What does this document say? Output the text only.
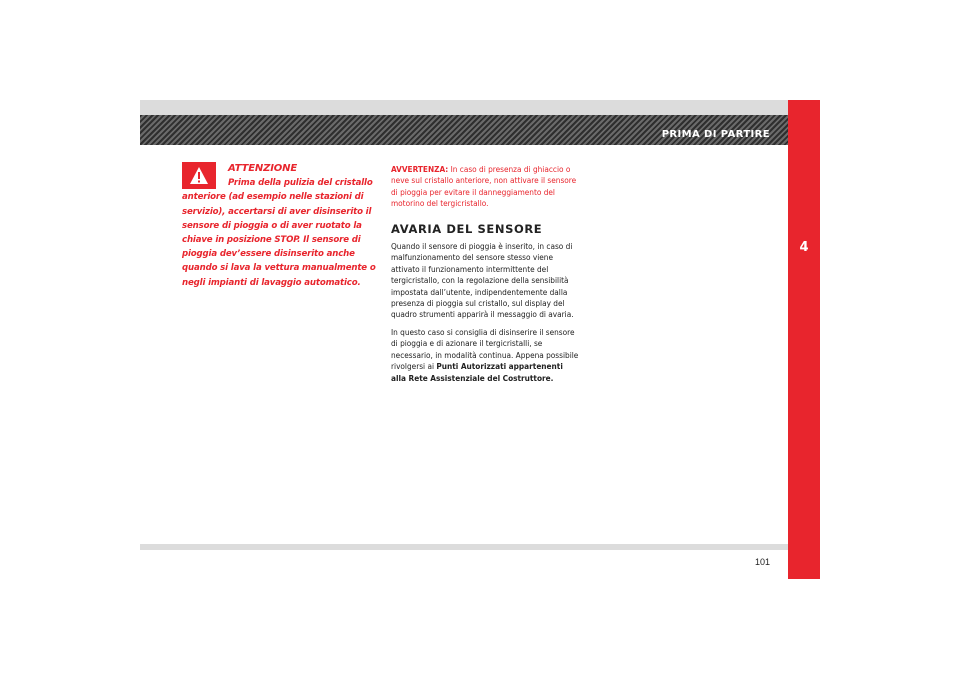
PRIMA DI PARTIRE
4
ATTENZIONE
Prima della pulizia del cristallo anteriore (ad esempio nelle stazioni di servizio), accertarsi di aver disinserito il sensore di pioggia o di aver ruotato la chiave in posizione STOP. Il sensore di pioggia dev’essere disinserito anche quando si lava la vettura manualmente o negli impianti di lavaggio automatico.

AVVERTENZA: In caso di presenza di ghiaccio o neve sul cristallo anteriore, non attivare il sensore di pioggia per evitare il danneggiamento del motorino del tergicristallo.

AVARIA DEL SENSORE

Quando il sensore di pioggia è inserito, in caso di malfunzionamento del sensore stesso viene attivato il funzionamento intermittente del tergicristallo, con la regolazione della sensibilità impostata dall’utente, indipendentemente dalla presenza di pioggia sul cristallo, sul display del quadro strumenti apparirà il messaggio di avaria.

In questo caso si consiglia di disinserire il sensore di pioggia e di azionare il tergicristalli, se necessario, in modalità continua. Appena possibile rivolgersi ai Punti Autorizzati appartenenti alla Rete Assistenziale del Costruttore.

101
